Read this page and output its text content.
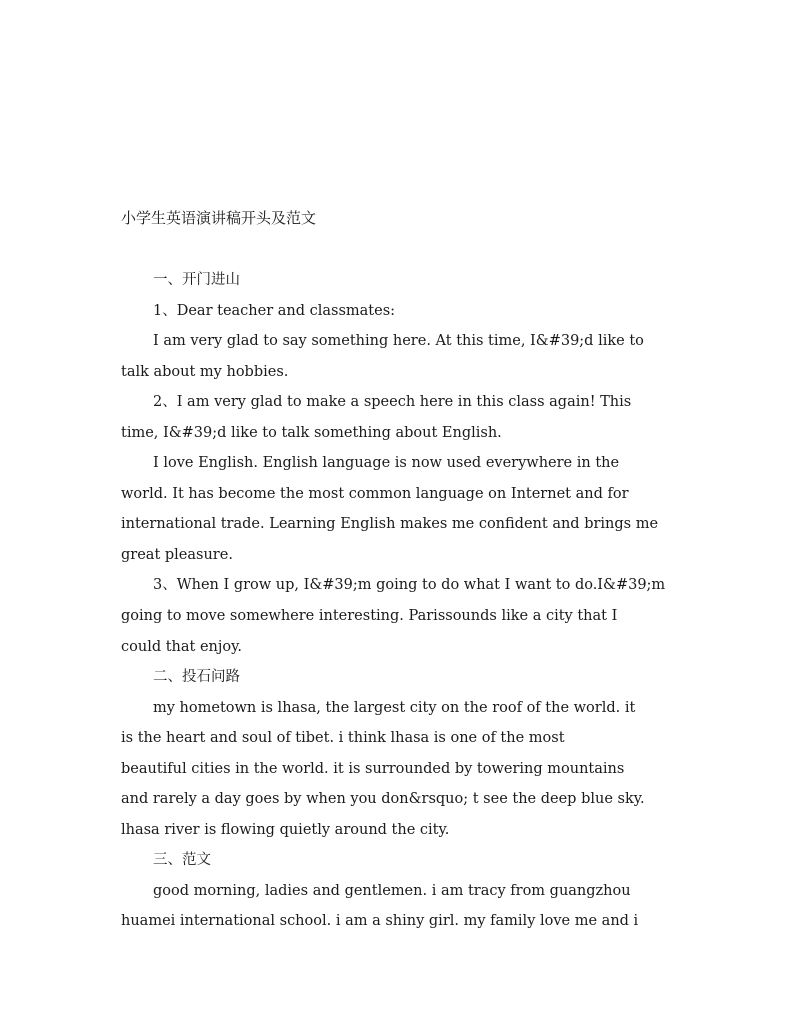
小学生英语演讲稿开头及范文
一、开门进山
1、Dear teacher and classmates:
I am very glad to say something here. At this time, I&#39;d like to
talk about my hobbies.
2、I am very glad to make a speech here in this class again! This
time, I&#39;d like to talk something about English.
I love English. English language is now used everywhere in the
world. It has become the most common language on Internet and for
international trade. Learning English makes me confident and brings me
great pleasure.
3、When I grow up, I&#39;m going to do what I want to do.I&#39;m
going to move somewhere interesting. Parissounds like a city that I
could that enjoy.
二、投石问路
my hometown is lhasa, the largest city on the roof of the world. it
is the heart and soul of tibet. i think lhasa is one of the most
beautiful cities in the world. it is surrounded by towering mountains
and rarely a day goes by when you don&rsquo; t see the deep blue sky.
lhasa river is flowing quietly around the city.
三、范文
good morning, ladies and gentlemen. i am tracy from guangzhou
huamei international school. i am a shiny girl. my family love me and i
